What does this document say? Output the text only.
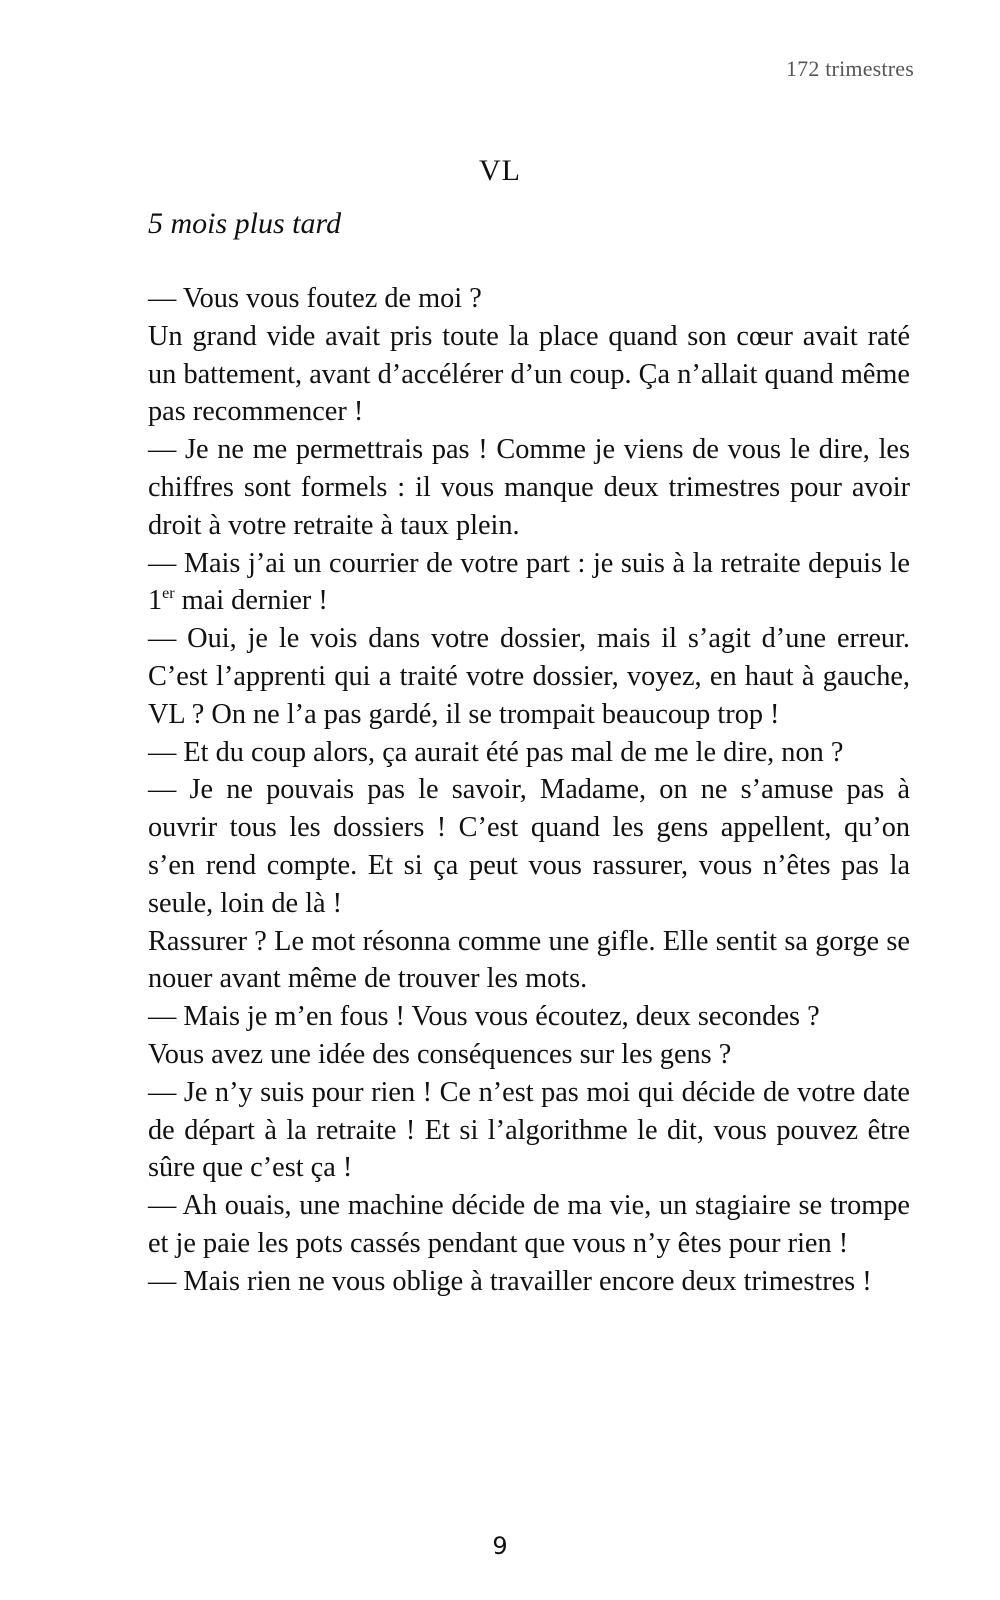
172 trimestres
VL
5 mois plus tard

— Vous vous foutez de moi ?

Un grand vide avait pris toute la place quand son cœur avait raté un battement, avant d’accélérer d’un coup. Ça n’allait quand même pas recommencer !

— Je ne me permettrais pas ! Comme je viens de vous le dire, les chiffres sont formels : il vous manque deux trimestres pour avoir droit à votre retraite à taux plein.

— Mais j’ai un courrier de votre part : je suis à la retraite depuis le 1er mai dernier !

— Oui, je le vois dans votre dossier, mais il s’agit d’une erreur. C’est l’apprenti qui a traité votre dossier, voyez, en haut à gauche, VL ? On ne l’a pas gardé, il se trompait beaucoup trop !

— Et du coup alors, ça aurait été pas mal de me le dire, non ?

— Je ne pouvais pas le savoir, Madame, on ne s’amuse pas à ouvrir tous les dossiers ! C’est quand les gens appellent, qu’on s’en rend compte. Et si ça peut vous rassurer, vous n’êtes pas la seule, loin de là !

Rassurer ? Le mot résonna comme une gifle. Elle sentit sa gorge se nouer avant même de trouver les mots.

— Mais je m’en fous ! Vous vous écoutez, deux secondes ?
Vous avez une idée des conséquences sur les gens ?

— Je n’y suis pour rien ! Ce n’est pas moi qui décide de votre date de départ à la retraite ! Et si l’algorithme le dit, vous pouvez être sûre que c’est ça !

— Ah ouais, une machine décide de ma vie, un stagiaire se trompe et je paie les pots cassés pendant que vous n’y êtes pour rien !

— Mais rien ne vous oblige à travailler encore deux trimestres !

9
